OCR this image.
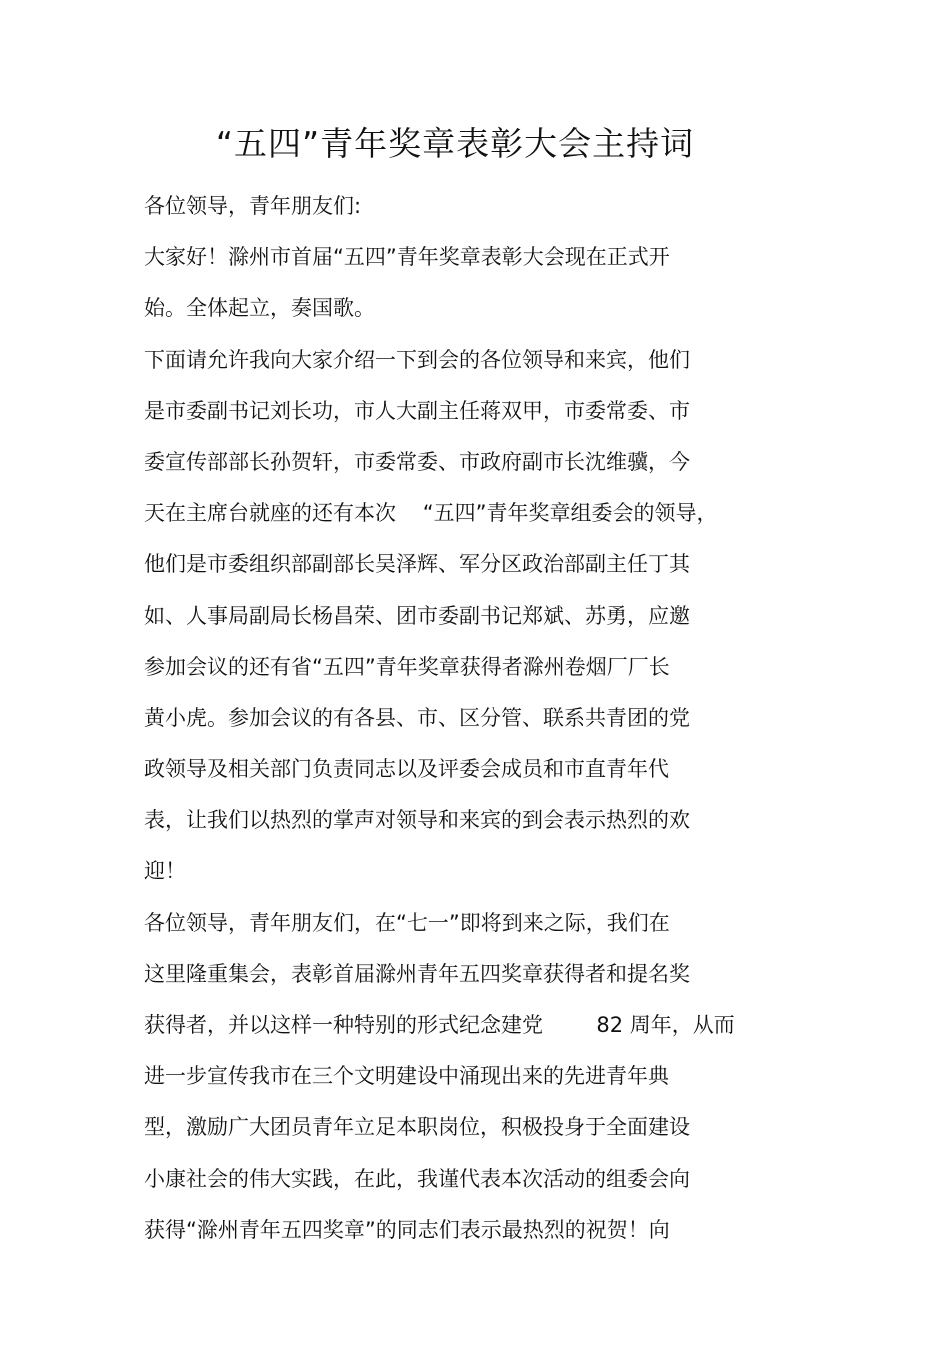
“五四”青年奖章表彰大会主持词
各位领导，青年朋友们:
大家好！滁州市首届“五四”青年奖章表彰大会现在正式开
始。全体起立，奏国歌。
下面请允许我向大家介绍一下到会的各位领导和来宾，他们
是市委副书记刘长功，市人大副主任蒋双甲，市委常委、市
委宣传部部长孙贺轩，市委常委、市政府副市长沈维骥，今
天在主席台就座的还有本次    “五四”青年奖章组委会的领导，
他们是市委组织部副部长吴泽辉、军分区政治部副主任丁其
如、人事局副局长杨昌荣、团市委副书记郑斌、苏勇，应邀
参加会议的还有省“五四”青年奖章获得者滁州卷烟厂厂长
黄小虎。参加会议的有各县、市、区分管、联系共青团的党
政领导及相关部门负责同志以及评委会成员和市直青年代
表，让我们以热烈的掌声对领导和来宾的到会表示热烈的欢
迎！
各位领导，青年朋友们，在“七一”即将到来之际，我们在
这里隆重集会，表彰首届滁州青年五四奖章获得者和提名奖
获得者，并以这样一种特别的形式纪念建党        82 周年，从而
进一步宣传我市在三个文明建设中涌现出来的先进青年典
型，激励广大团员青年立足本职岗位，积极投身于全面建设
小康社会的伟大实践，在此，我谨代表本次活动的组委会向
获得“滁州青年五四奖章”的同志们表示最热烈的祝贺！向
